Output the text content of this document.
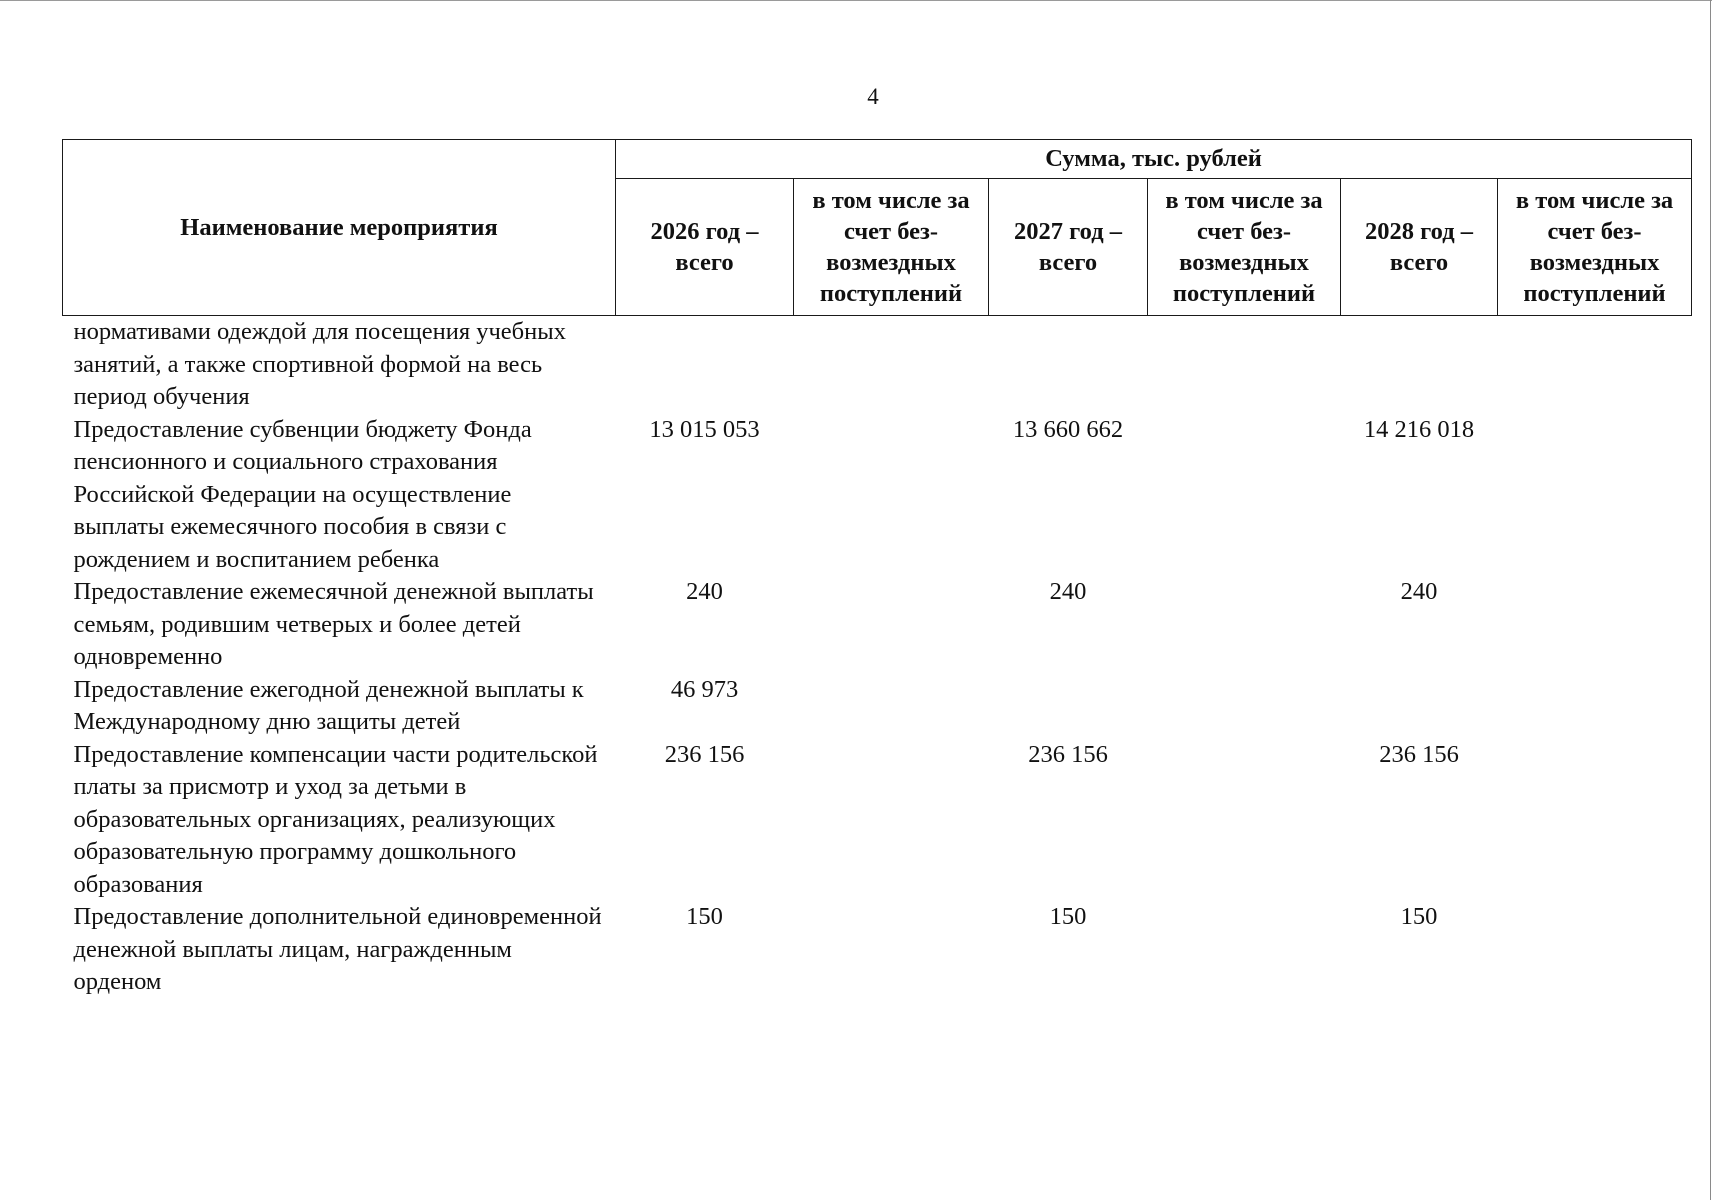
4
Наименование мероприятия	Сумма, тыс. рублей					
	2026 год – всего	в том числе за счет без-возмездных поступлений	2027 год – всего	в том числе за счет без-возмездных поступлений	2028 год – всего	в том числе за счет без-возмездных поступлений
нормативами одеждой для посещения учебных занятий, а также спортивной формой на весь период обучения						
Предоставление субвенции бюджету Фонда пенсионного и социального страхования Российской Федерации на осуществление выплаты ежемесячного пособия в связи с рождением и воспитанием ребенка	13 015 053		13 660 662		14 216 018	
Предоставление ежемесячной денежной выплаты семьям, родившим четверых и более детей одновременно	240		240		240	
Предоставление ежегодной денежной выплаты к Международному дню защиты детей	46 973					
Предоставление компенсации части родительской платы за присмотр и уход за детьми в образовательных организациях, реализующих образовательную программу дошкольного образования	236 156		236 156		236 156	
Предоставление дополнительной единовременной денежной выплаты лицам, награжденным орденом	150		150		150	
